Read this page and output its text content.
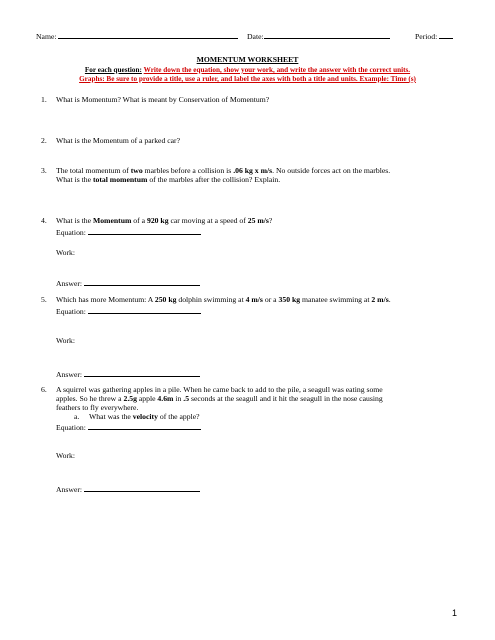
Name:	Date:	Period:
MOMENTUM WORKSHEET
For each question: Write down the equation, show your work, and write the answer with the correct units.
Graphs: Be sure to provide a title, use a ruler, and label the axes with both a title and units. Example: Time (s)
1. What is Momentum? What is meant by Conservation of Momentum?
2. What is the Momentum of a parked car?
3. The total momentum of two marbles before a collision is .06 kg x m/s. No outside forces act on the marbles.
What is the total momentum of the marbles after the collision? Explain.
4. What is the Momentum of a 920 kg car moving at a speed of 25 m/s?
Equation:
Work:
Answer:
5. Which has more Momentum: A 250 kg dolphin swimming at 4 m/s or a 350 kg manatee swimming at 2 m/s.
Equation:
Work:
Answer:
6. A squirrel was gathering apples in a pile. When he came back to add to the pile, a seagull was eating some
apples. So he threw a 2.5g apple 4.6m in .5 seconds at the seagull and it hit the seagull in the nose causing
feathers to fly everywhere.
a. What was the velocity of the apple?
Equation:
Work:
Answer:
1
